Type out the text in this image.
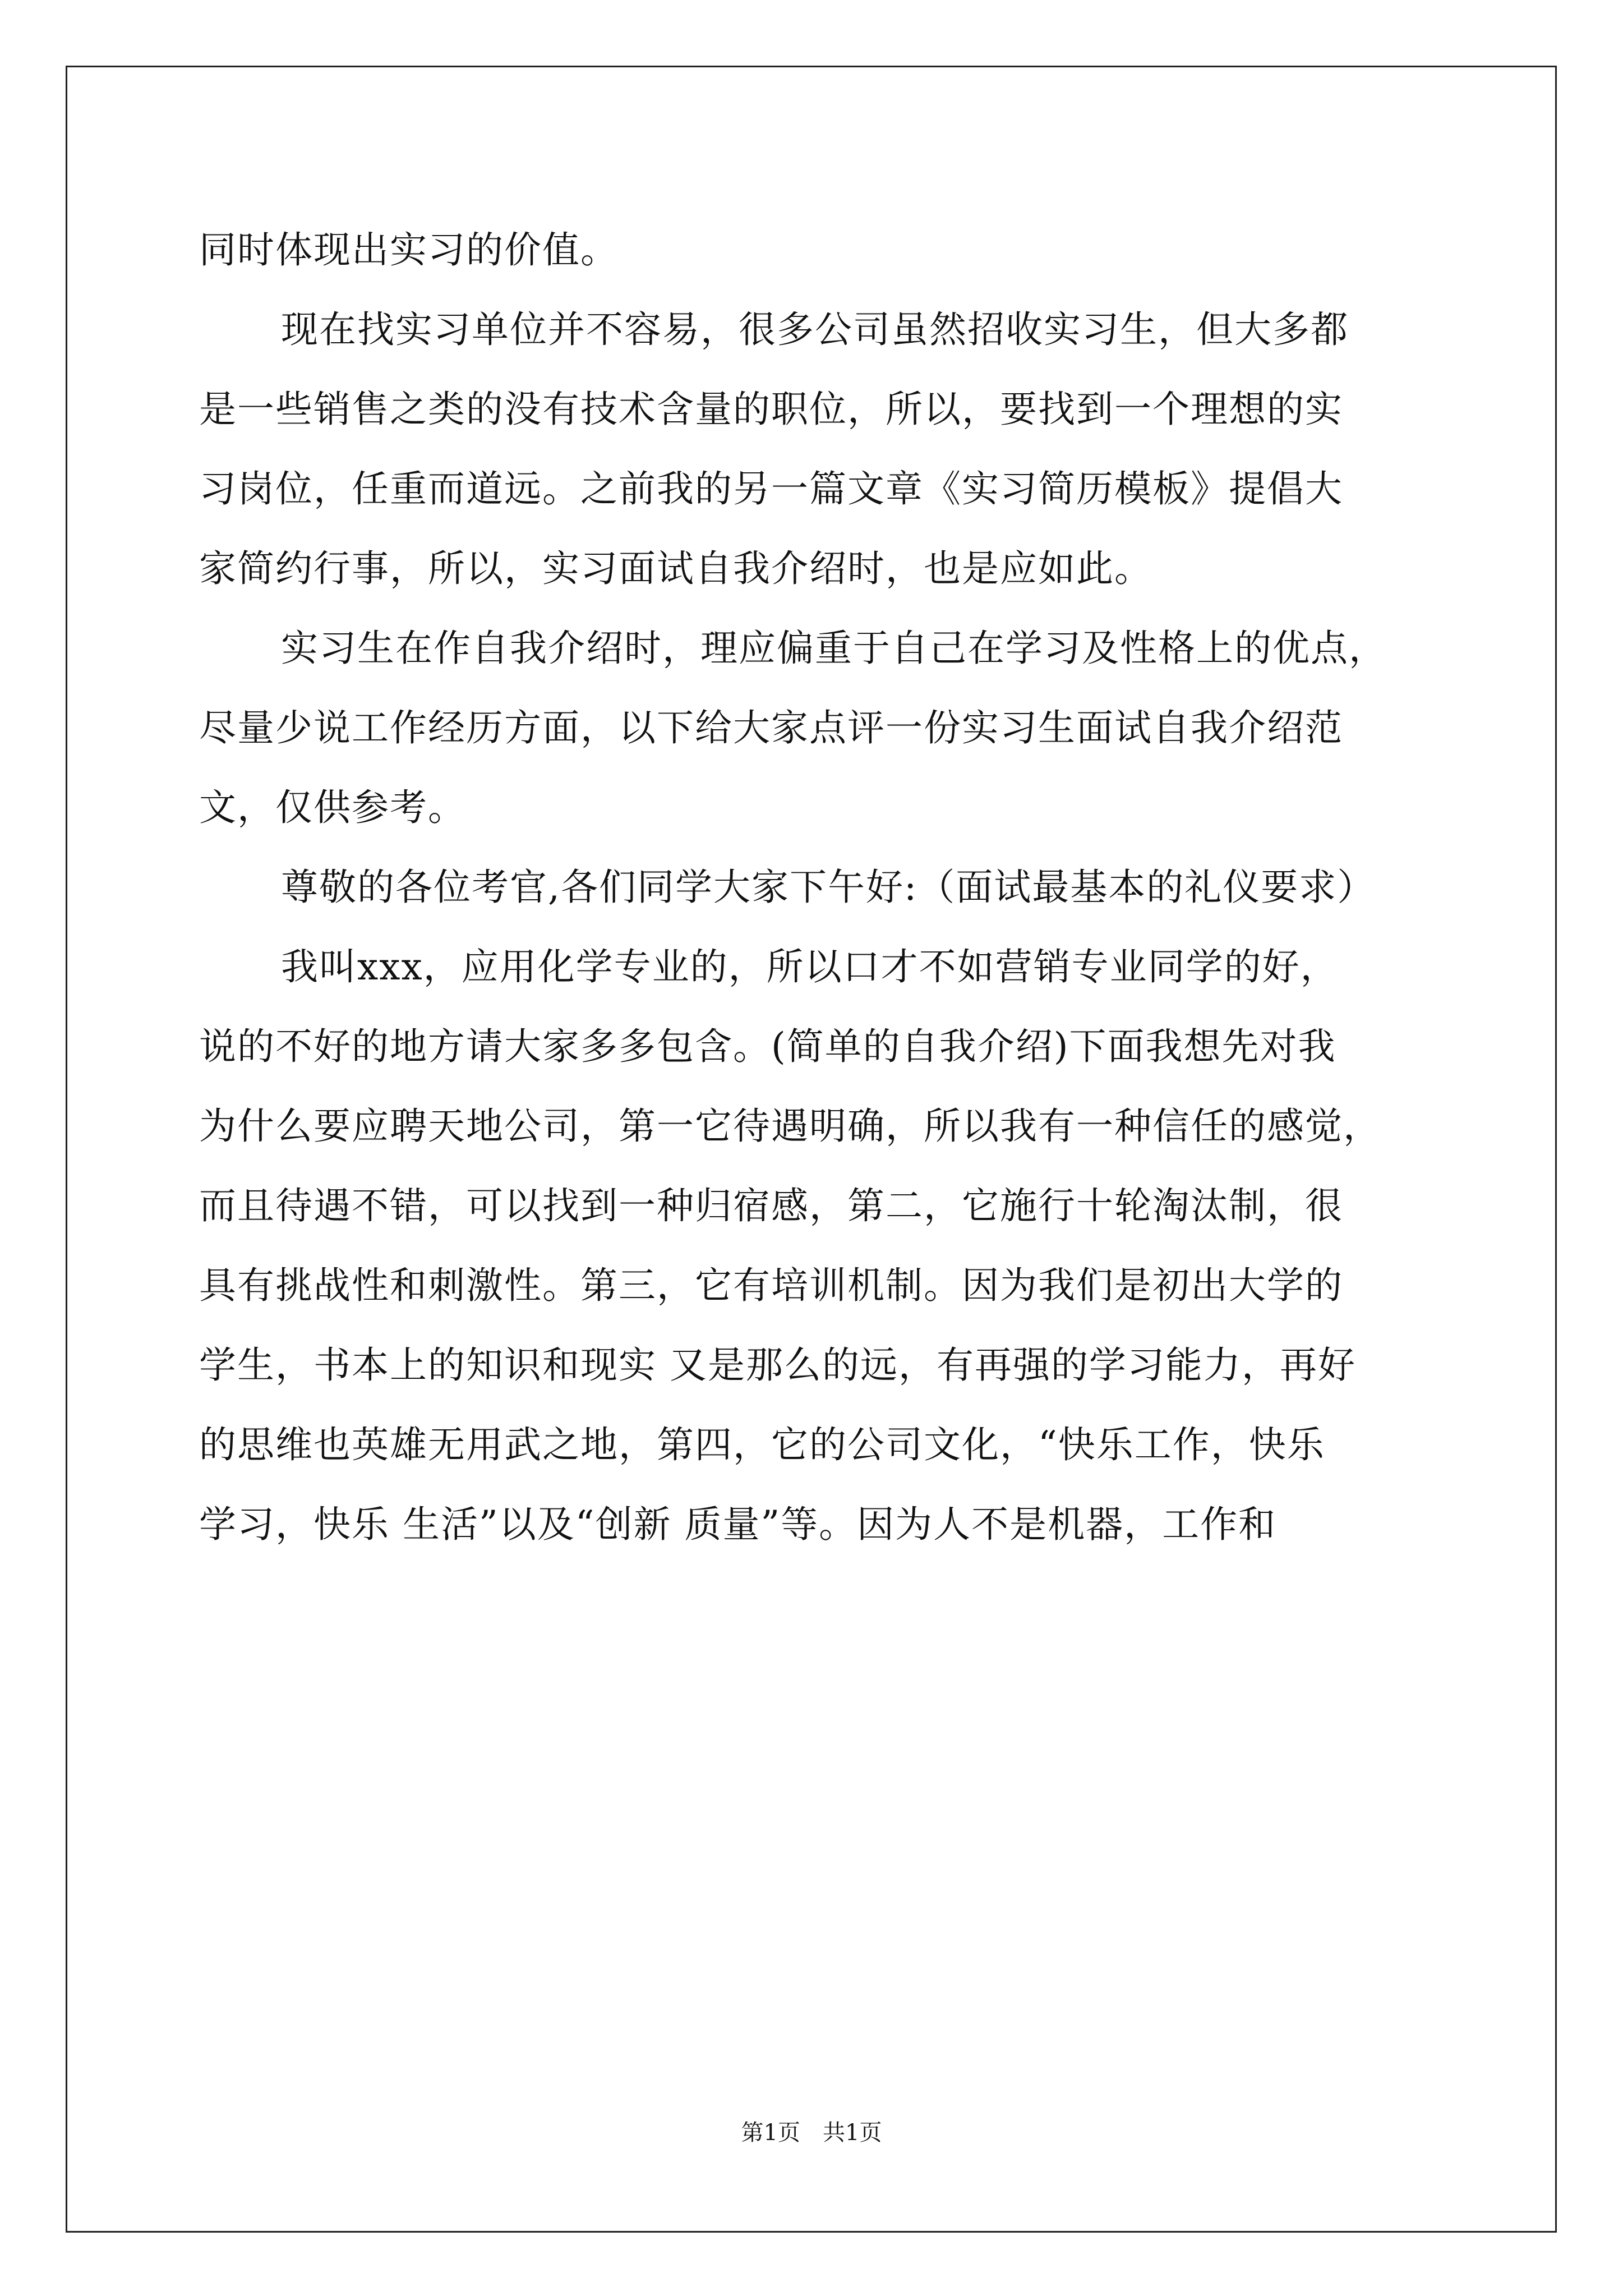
同时体现出实习的价值。
现在找实习单位并不容易，很多公司虽然招收实习生，但大多都
是一些销售之类的没有技术含量的职位，所以，要找到一个理想的实
习岗位，任重而道远。之前我的另一篇文章《实习简历模板》提倡大
家简约行事，所以，实习面试自我介绍时，也是应如此。
实习生在作自我介绍时，理应偏重于自己在学习及性格上的优点，
尽量少说工作经历方面，以下给大家点评一份实习生面试自我介绍范
文，仅供参考。
尊敬的各位考官,各们同学大家下午好:（面试最基本的礼仪要求）
我叫xxx，应用化学专业的，所以口才不如营销专业同学的好，
说的不好的地方请大家多多包含。(简单的自我介绍)下面我想先对我
为什么要应聘天地公司，第一它待遇明确，所以我有一种信任的感觉，
而且待遇不错，可以找到一种归宿感，第二，它施行十轮淘汰制，很
具有挑战性和刺激性。第三，它有培训机制。因为我们是初出大学的
学生，书本上的知识和现实 又是那么的远，有再强的学习能力，再好
的思维也英雄无用武之地，第四，它的公司文化，“快乐工作，快乐
学习，快乐 生活”以及“创新 质量”等。因为人不是机器，工作和
第1页　共1页
